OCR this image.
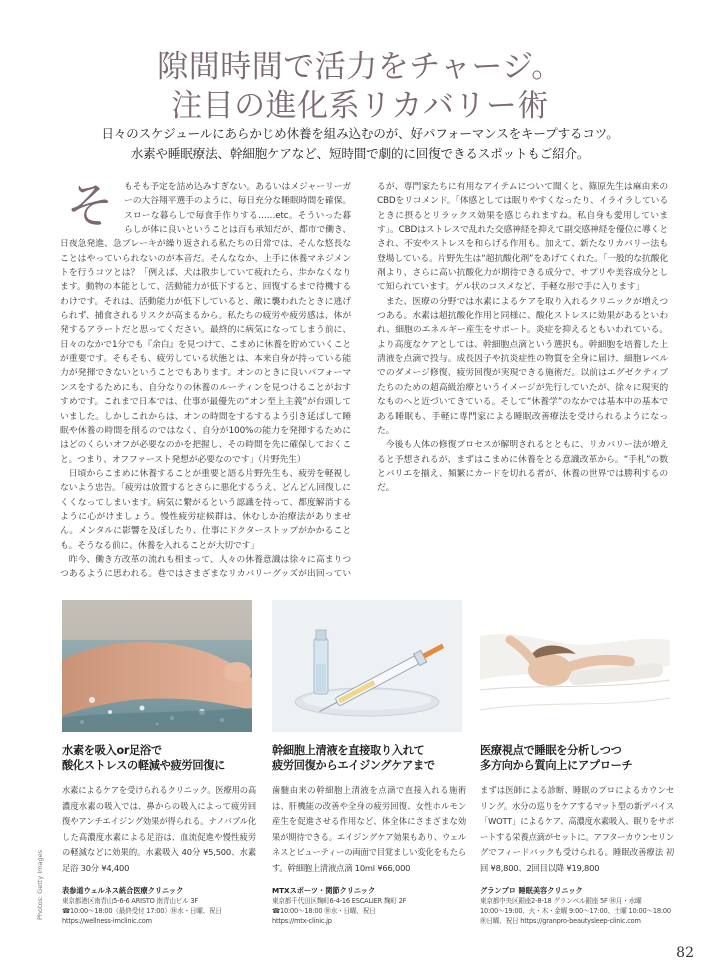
隙間時間で活力をチャージ。
注目の進化系リカバリー術
日々のスケジュールにあらかじめ休養を組み込むのが、好パフォーマンスをキープするコツ。
水素や睡眠療法、幹細胞ケアなど、短時間で劇的に回復できるスポットもご紹介。
そ	もそも予定を詰め込みすぎない。あるいはメジャーリーガーの大谷翔平選手のように、毎日充分な睡眠時間を確保。スローな暮らしで毎食手作りする……etc。そういった暮らしが体に良いということは百も承知だが、都市で働き、日夜急発進、急ブレーキが繰り返される私たちの日常では、そんな悠長なことはやっていられないのが本音だ。そんななか、上手に休養マネジメントを行うコツとは？「例えば、犬は散歩していて疲れたら、歩かなくなります。動物の本能として、活動能力が低下すると、回復するまで待機するわけです。それは、活動能力が低下していると、敵に襲われたときに逃げられず、捕食されるリスクが高まるから。私たちの疲労や疲労感は、体が発するアラートだと思ってください。最終的に病気になってしまう前に、日々のなかで1分でも『余白』を見つけて、こまめに休養を貯めていくことが重要です。そもそも、疲労している状態とは、本来自身が持っている能力が発揮できないということでもあります。オンのときに良いパフォーマンスをするためにも、自分なりの休養のルーティンを見つけることがおすすめです。これまで日本では、仕事が最優先の“オン至上主義”が台頭していました。しかしこれからは、オンの時間をするするよう引き延ばして睡眠や休養の時間を削るのではなく、自分が100%の能力を発揮するためにはどのくらいオフが必要なのかを把握し、その時間を先に確保しておくこと。つまり、オフファースト発想が必要なのです」（片野先生）

日頃からこまめに休養することが重要と語る片野先生も、疲労を軽視しないよう忠告。「疲労は放置するとさらに悪化するうえ、どんどん回復しにくくなってしまいます。病気に繋がるという認識を持って、都度解消するように心がけましょう。慢性疲労症候群は、休むしか治療法がありません。メンタルに影響を及ぼしたり、仕事にドクターストップがかかることも。そうなる前に、休養を入れることが大切です」

昨今、働き方改革の流れも相まって、人々の休養意識は徐々に高まりつつあるように思われる。巷ではさまざまなリカバリーグッズが出回っているが、専門家たちに有用なアイテムについて聞くと、篠原先生は麻由来のCBDをリコメンド。「体感としては眠りやすくなったり、イライラしているときに摂るとリラックス効果を感じられますね。私自身も愛用しています」。CBDはストレスで乱れた交感神経を抑えて副交感神経を優位に導くとされ、不安やストレスを和らげる作用も。加えて、新たなリカバリー法も登場している。片野先生は“超抗酸化剤”をあげてくれた。「一般的な抗酸化剤より、さらに高い抗酸化力が期待できる成分で、サプリや美容成分として知られています。ゲル状のコスメなど、手軽な形で手に入ります」

また、医療の分野では水素によるケアを取り入れるクリニックが増えつつある。水素は超抗酸化作用と同様に、酸化ストレスに効果があるといわれ、細胞のエネルギー産生をサポート。炎症を抑えるともいわれている。より高度なケアとしては、幹細胞点滴という選択も。幹細胞を培養した上清液を点滴で投与。成長因子や抗炎症性の物質を全身に届け、細胞レベルでのダメージ修復、疲労回復が実現できる施術だ。以前はエグゼクティブたちのための超高級治療というイメージが先行していたが、徐々に現実的なものへと近づいてきている。そして“休養学”のなかでは基本中の基本である睡眠も、手軽に専門家による睡眠改善療法を受けられるようになった。

今後も人体の修復プロセスが解明されるとともに、リカバリー法が増えると予想されるが、まずはこまめに休養をとる意識改革から。“手札”の数とバリエを揃え、頻繁にカードを切れる者が、休養の世界では勝利するのだ。

Photos: Getty Images
水素を吸入or足浴で
酸化ストレスの軽減や疲労回復に
水素によるケアを受けられるクリニック。医療用の高濃度水素の吸入では、鼻からの吸入によって疲労回復やアンチエイジング効果が得られる。ナノバブル化した高濃度水素による足浴は、血流促進や慢性疲労の軽減などに効果的。水素吸入 40分 ¥5,500、水素足浴 30分 ¥4,400
表参道ウェルネス統合医療クリニック
東京都港区南青山5-6-6 ARISTO 南青山ビル 3F
☎10:00～18:00（最終受付 17:00）㊡水・日曜、祝日
https://wellness-imclinic.com
幹細胞上清液を直接取り入れて
疲労回復からエイジングケアまで
歯髄由来の幹細胞上清液を点滴で直接入れる施術は、肝機能の改善や全身の疲労回復、女性ホルモン産生を促進させる作用など、体全体にさまざまな効果が期待できる。エイジングケア効果もあり、ウェルネスとビューティーの両面で目覚ましい変化をもたらす。幹細胞上清液点滴 10ml ¥66,000
MTXスポーツ・関節クリニック
東京都千代田区麹町6-4-16 ESCALIER 麹町 2F
☎10:00～18:00 ㊡水・日曜、祝日
https://mtx-clinic.jp
医療視点で睡眠を分析しつつ
多方向から質向上にアプローチ
まずは医師による診断、睡眠のプロによるカウンセリング。水分の巡りをケアするマット型の新デバイス「WOTT」によるケア、高濃度水素吸入、眠りをサポートする栄養点滴がセットに。アフターカウンセリングでフィードバックも受けられる。睡眠改善療法 初回 ¥8,800、2回目以降 ¥19,800
グランプロ 睡眠美容クリニック
東京都中央区銀座2-8-18 グランベル銀座 5F ㊡月・水曜
10:00～19:00、火・木・金曜 9:00～17:00、土曜 10:00～18:00
㊡日曜、祝日 https://granpro-beautysleep-clinic.com
82
